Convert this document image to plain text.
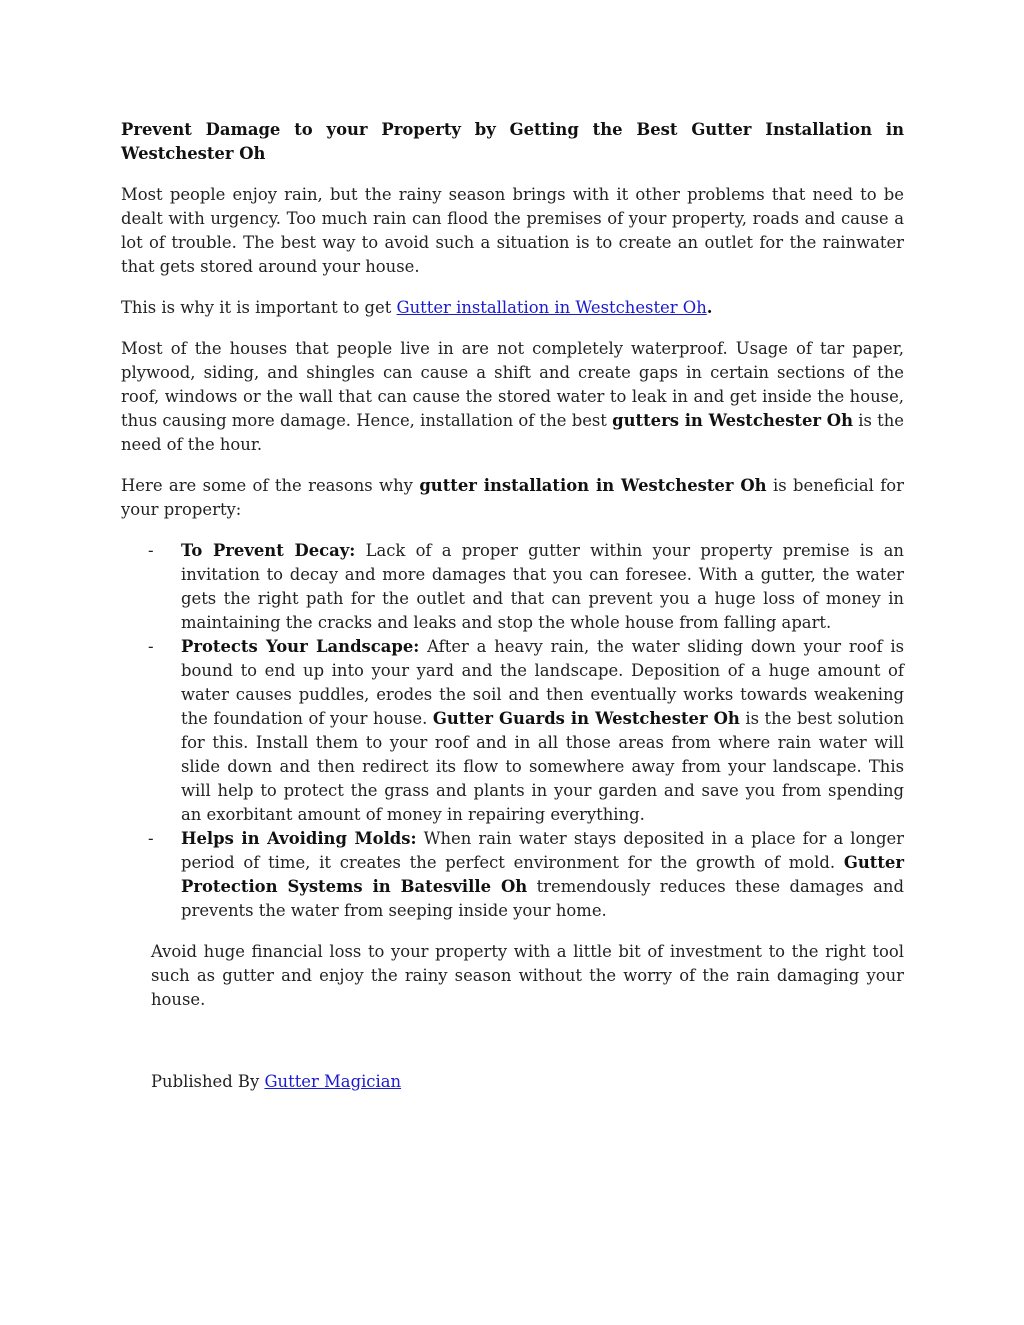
Prevent Damage to your Property by Getting the Best Gutter Installation in Westchester Oh

Most people enjoy rain, but the rainy season brings with it other problems that need to be dealt with urgency. Too much rain can flood the premises of your property, roads and cause a lot of trouble. The best way to avoid such a situation is to create an outlet for the rainwater that gets stored around your house.

This is why it is important to get Gutter installation in Westchester Oh.

Most of the houses that people live in are not completely waterproof. Usage of tar paper, plywood, siding, and shingles can cause a shift and create gaps in certain sections of the roof, windows or the wall that can cause the stored water to leak in and get inside the house, thus causing more damage. Hence, installation of the best gutters in Westchester Oh is the need of the hour.

Here are some of the reasons why gutter installation in Westchester Oh is beneficial for your property:

- To Prevent Decay: Lack of a proper gutter within your property premise is an invitation to decay and more damages that you can foresee. With a gutter, the water gets the right path for the outlet and that can prevent you a huge loss of money in maintaining the cracks and leaks and stop the whole house from falling apart.
- Protects Your Landscape: After a heavy rain, the water sliding down your roof is bound to end up into your yard and the landscape. Deposition of a huge amount of water causes puddles, erodes the soil and then eventually works towards weakening the foundation of your house. Gutter Guards in Westchester Oh is the best solution for this. Install them to your roof and in all those areas from where rain water will slide down and then redirect its flow to somewhere away from your landscape. This will help to protect the grass and plants in your garden and save you from spending an exorbitant amount of money in repairing everything.
- Helps in Avoiding Molds: When rain water stays deposited in a place for a longer period of time, it creates the perfect environment for the growth of mold. Gutter Protection Systems in Batesville Oh tremendously reduces these damages and prevents the water from seeping inside your home.

Avoid huge financial loss to your property with a little bit of investment to the right tool such as gutter and enjoy the rainy season without the worry of the rain damaging your house.

Published By Gutter Magician
